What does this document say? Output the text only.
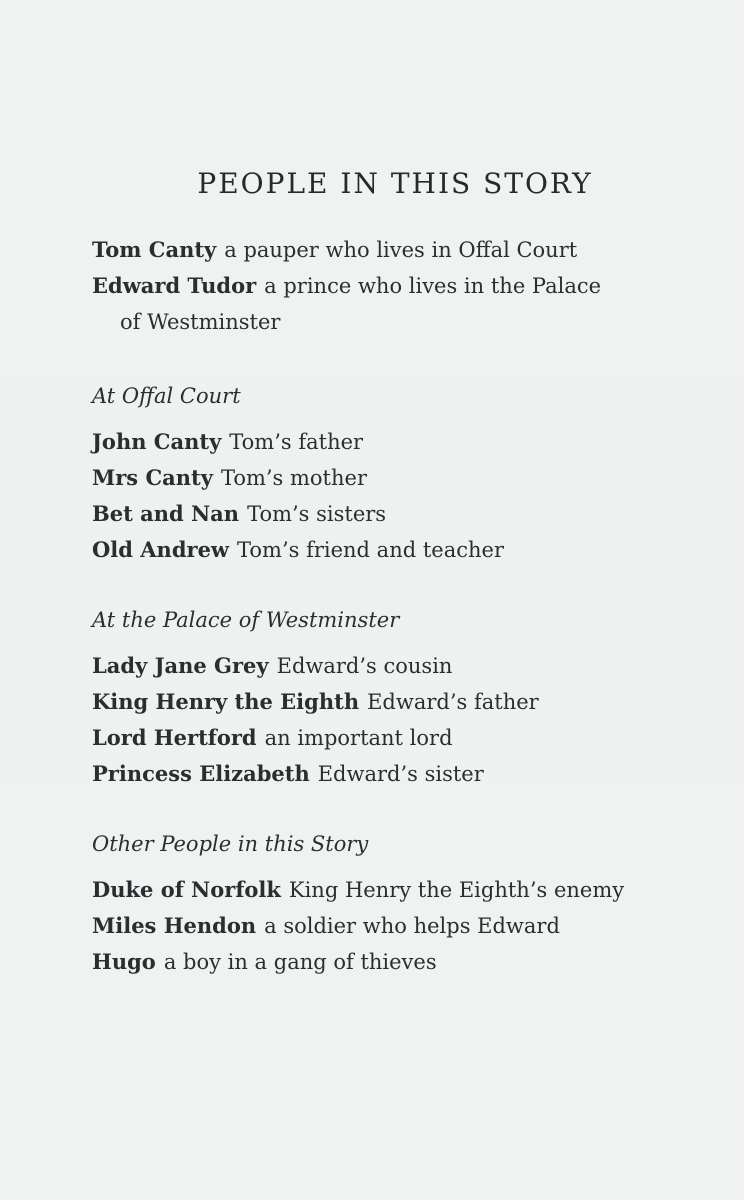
PEOPLE IN THIS STORY

Tom Canty a pauper who lives in Offal Court

Edward Tudor a prince who lives in the Palace
of Westminster

At Offal Court

John Canty Tom’s father

Mrs Canty Tom’s mother

Bet and Nan Tom’s sisters

Old Andrew Tom’s friend and teacher

At the Palace of Westminster

Lady Jane Grey Edward’s cousin

King Henry the Eighth Edward’s father

Lord Hertford an important lord

Princess Elizabeth Edward’s sister

Other People in this Story

Duke of Norfolk King Henry the Eighth’s enemy

Miles Hendon a soldier who helps Edward

Hugo a boy in a gang of thieves
